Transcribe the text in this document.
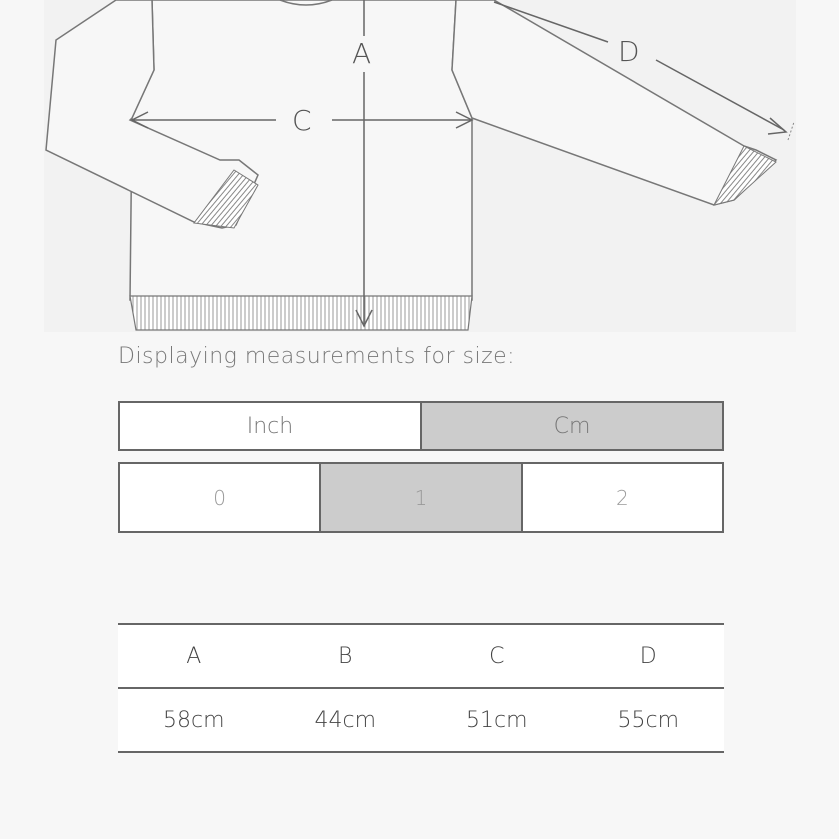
A
C
D
Displaying measurements for size:
Inch	Cm
0	1	2
A	B	C	D
58cm	44cm	51cm	55cm
